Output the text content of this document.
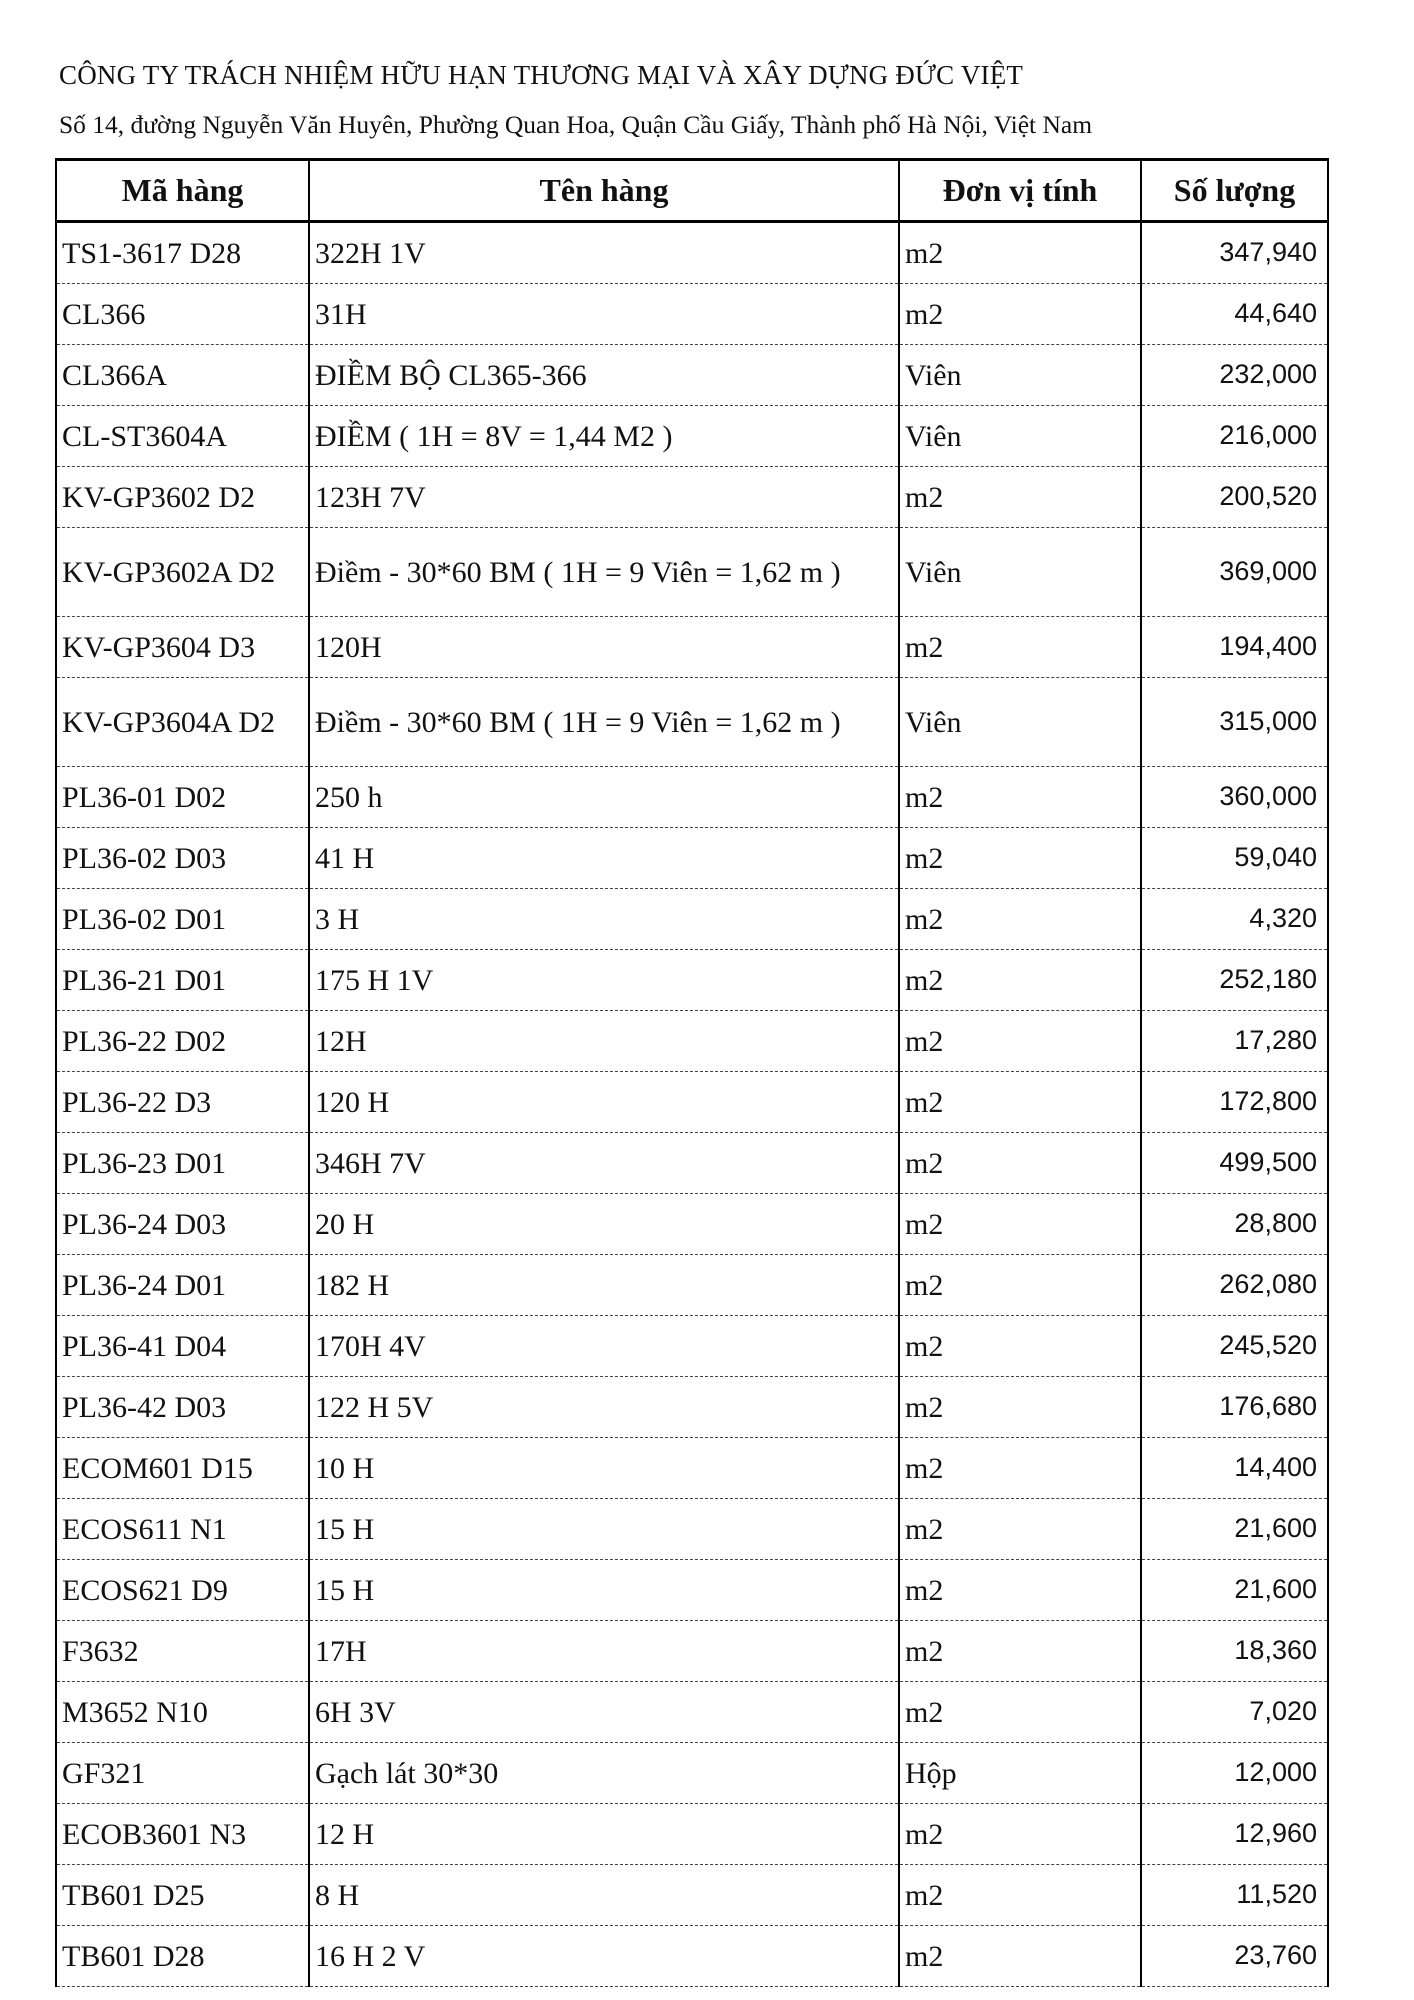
CÔNG TY TRÁCH NHIỆM HỮU HẠN THƯƠNG MẠI VÀ XÂY DỰNG ĐỨC VIỆT
Số 14, đường Nguyễn Văn Huyên, Phường Quan Hoa, Quận Cầu Giấy, Thành phố Hà Nội, Việt Nam
Mã hàng	Tên hàng	Đơn vị tính	Số lượng
TS1-3617 D28	322H 1V	m2	347,940
CL366	31H	m2	44,640
CL366A	ĐIỀM BỘ CL365-366	Viên	232,000
CL-ST3604A	ĐIỀM ( 1H = 8V = 1,44 M2 )	Viên	216,000
KV-GP3602 D2	123H 7V	m2	200,520
KV-GP3602A D2	Điềm - 30*60 BM ( 1H = 9 Viên = 1,62 m )	Viên	369,000
KV-GP3604 D3	120H	m2	194,400
KV-GP3604A D2	Điềm - 30*60 BM ( 1H = 9 Viên = 1,62 m )	Viên	315,000
PL36-01 D02	250 h	m2	360,000
PL36-02 D03	41 H	m2	59,040
PL36-02 D01	3 H	m2	4,320
PL36-21 D01	175 H 1V	m2	252,180
PL36-22 D02	12H	m2	17,280
PL36-22 D3	120 H	m2	172,800
PL36-23 D01	346H 7V	m2	499,500
PL36-24 D03	20 H	m2	28,800
PL36-24 D01	182 H	m2	262,080
PL36-41 D04	170H 4V	m2	245,520
PL36-42 D03	122 H 5V	m2	176,680
ECOM601 D15	10 H	m2	14,400
ECOS611 N1	15 H	m2	21,600
ECOS621 D9	15 H	m2	21,600
F3632	17H	m2	18,360
M3652 N10	6H 3V	m2	7,020
GF321	Gạch lát 30*30	Hộp	12,000
ECOB3601 N3	12 H	m2	12,960
TB601 D25	8 H	m2	11,520
TB601 D28	16 H 2 V	m2	23,760
